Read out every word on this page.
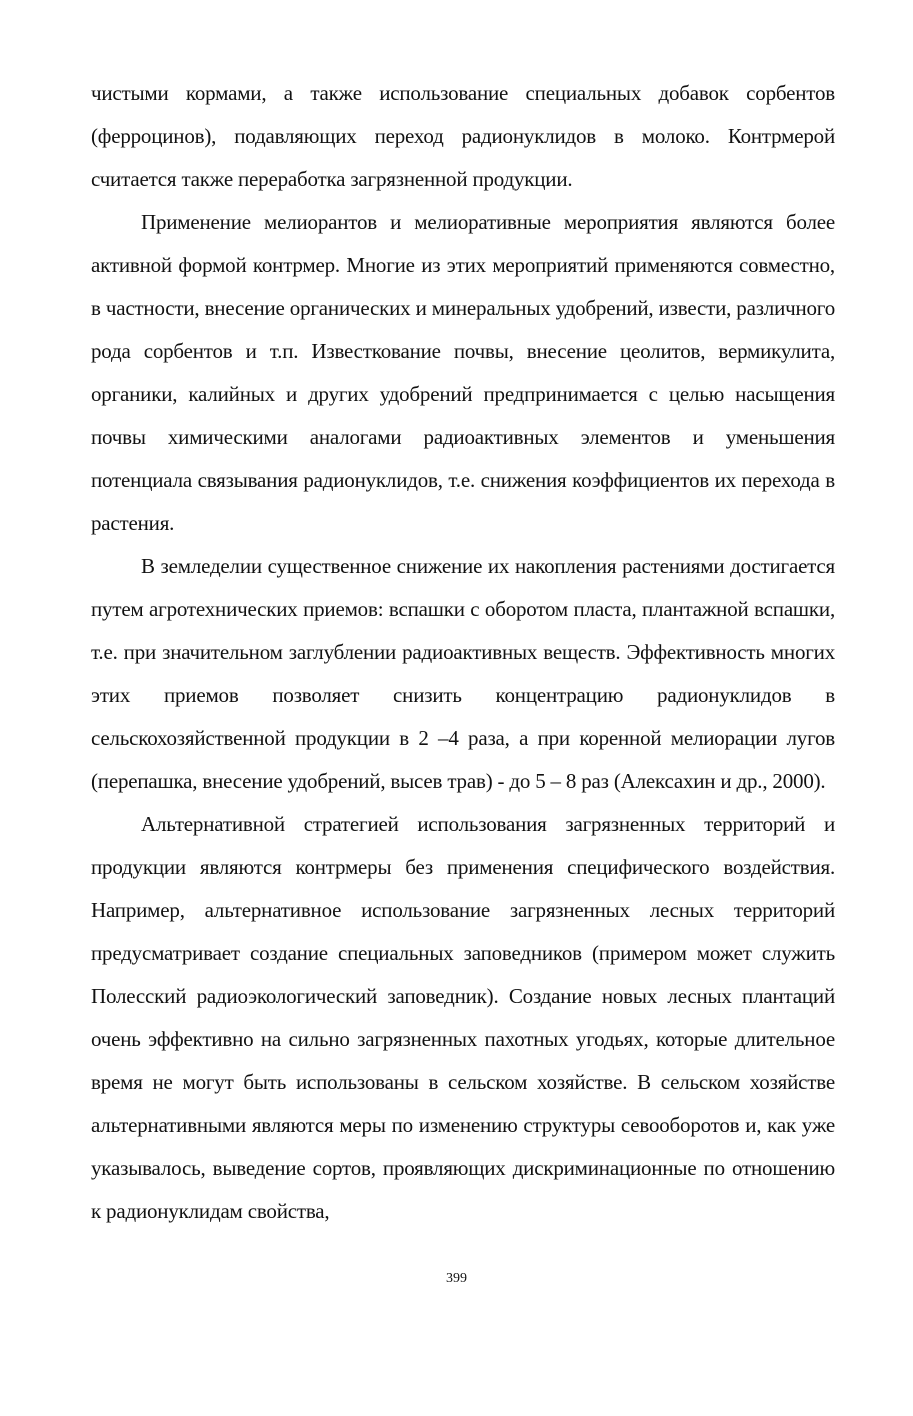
чистыми кормами, а также использование специальных добавок сорбентов (ферроцинов), подавляющих переход радионуклидов в молоко. Контрмерой считается также переработка загрязненной продукции.

Применение мелиорантов и мелиоративные мероприятия являются более активной формой контрмер. Многие из этих мероприятий применяются совместно, в частности, внесение органических и минеральных удобрений, извести, различного рода сорбентов и т.п. Известкование почвы, внесение цеолитов, вермикулита, органики, калийных и других удобрений предпринимается с целью насыщения почвы химическими аналогами радиоактивных элементов и уменьшения потенциала связывания радионуклидов, т.е. снижения коэффициентов их перехода в растения.

В земледелии существенное снижение их накопления растениями достигается путем агротехнических приемов: вспашки с оборотом пласта, плантажной вспашки, т.е. при значительном заглублении радиоактивных веществ. Эффективность многих этих приемов позволяет снизить концентрацию радионуклидов в сельскохозяйственной продукции в 2 –4 раза, а при коренной мелиорации лугов (перепашка, внесение удобрений, высев трав) - до 5 – 8 раз (Алексахин и др., 2000).

Альтернативной стратегией использования загрязненных территорий и продукции являются контрмеры без применения специфического воздействия. Например, альтернативное использование загрязненных лесных территорий предусматривает создание специальных заповедников (примером может служить Полесский радиоэкологический заповедник). Создание новых лесных плантаций очень эффективно на сильно загрязненных пахотных угодьях, которые длительное время не могут быть использованы в сельском хозяйстве. В сельском хозяйстве альтернативными являются меры по изменению структуры севооборотов и, как уже указывалось, выведение сортов, проявляющих дискриминационные по отношению к радионуклидам свойства,

399
